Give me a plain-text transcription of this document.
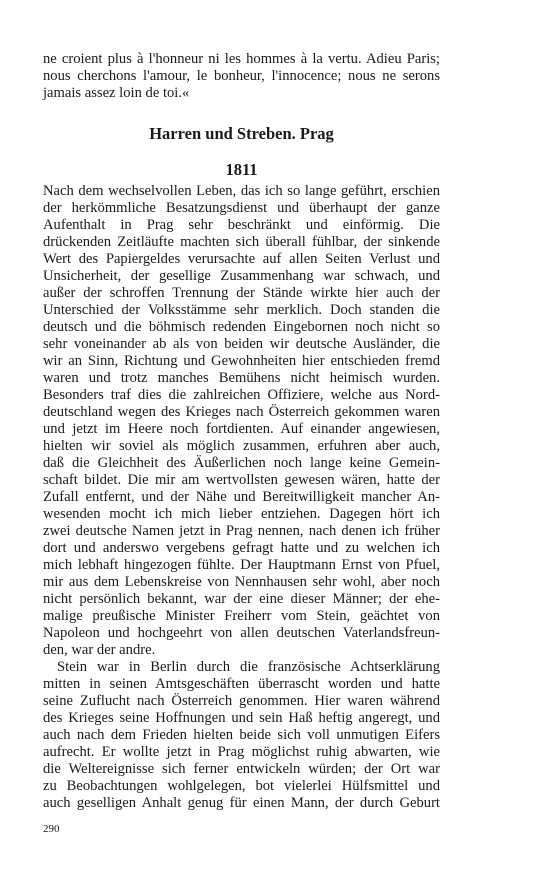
ne croient plus à l'honneur ni les hommes à la vertu. Adieu Paris;
nous cherchons l'amour, le bonheur, l'innocence; nous ne serons
jamais assez loin de toi.«
Harren und Streben. Prag
1811
Nach dem wechselvollen Leben, das ich so lange geführt, erschien
der herkömmliche Besatzungsdienst und überhaupt der ganze
Aufenthalt in Prag sehr beschränkt und einförmig. Die
drückenden Zeitläufte machten sich überall fühlbar, der sinkende
Wert des Papiergeldes verursachte auf allen Seiten Verlust und
Unsicherheit, der gesellige Zusammenhang war schwach, und
außer der schroffen Trennung der Stände wirkte hier auch der
Unterschied der Volksstämme sehr merklich. Doch standen die
deutsch und die böhmisch redenden Eingebornen noch nicht so
sehr voneinander ab als von beiden wir deutsche Ausländer, die
wir an Sinn, Richtung und Gewohnheiten hier entschieden fremd
waren und trotz manches Bemühens nicht heimisch wurden.
Besonders traf dies die zahlreichen Offiziere, welche aus Nord-
deutschland wegen des Krieges nach Österreich gekommen waren
und jetzt im Heere noch fortdienten. Auf einander angewiesen,
hielten wir soviel als möglich zusammen, erfuhren aber auch,
daß die Gleichheit des Äußerlichen noch lange keine Gemein-
schaft bildet. Die mir am wertvollsten gewesen wären, hatte der
Zufall entfernt, und der Nähe und Bereitwilligkeit mancher An-
wesenden mocht ich mich lieber entziehen. Dagegen hört ich
zwei deutsche Namen jetzt in Prag nennen, nach denen ich früher
dort und anderswo vergebens gefragt hatte und zu welchen ich
mich lebhaft hingezogen fühlte. Der Hauptmann Ernst von Pfuel,
mir aus dem Lebenskreise von Nennhausen sehr wohl, aber noch
nicht persönlich bekannt, war der eine dieser Männer; der ehe-
malige preußische Minister Freiherr vom Stein, geächtet von
Napoleon und hochgeehrt von allen deutschen Vaterlandsfreun-
den, war der andre.
Stein war in Berlin durch die französische Achtserklärung
mitten in seinen Amtsgeschäften überrascht worden und hatte
seine Zuflucht nach Österreich genommen. Hier waren während
des Krieges seine Hoffnungen und sein Haß heftig angeregt, und
auch nach dem Frieden hielten beide sich voll unmutigen Eifers
aufrecht. Er wollte jetzt in Prag möglichst ruhig abwarten, wie
die Weltereignisse sich ferner entwickeln würden; der Ort war
zu Beobachtungen wohlgelegen, bot vielerlei Hülfsmittel und
auch geselligen Anhalt genug für einen Mann, der durch Geburt
290
